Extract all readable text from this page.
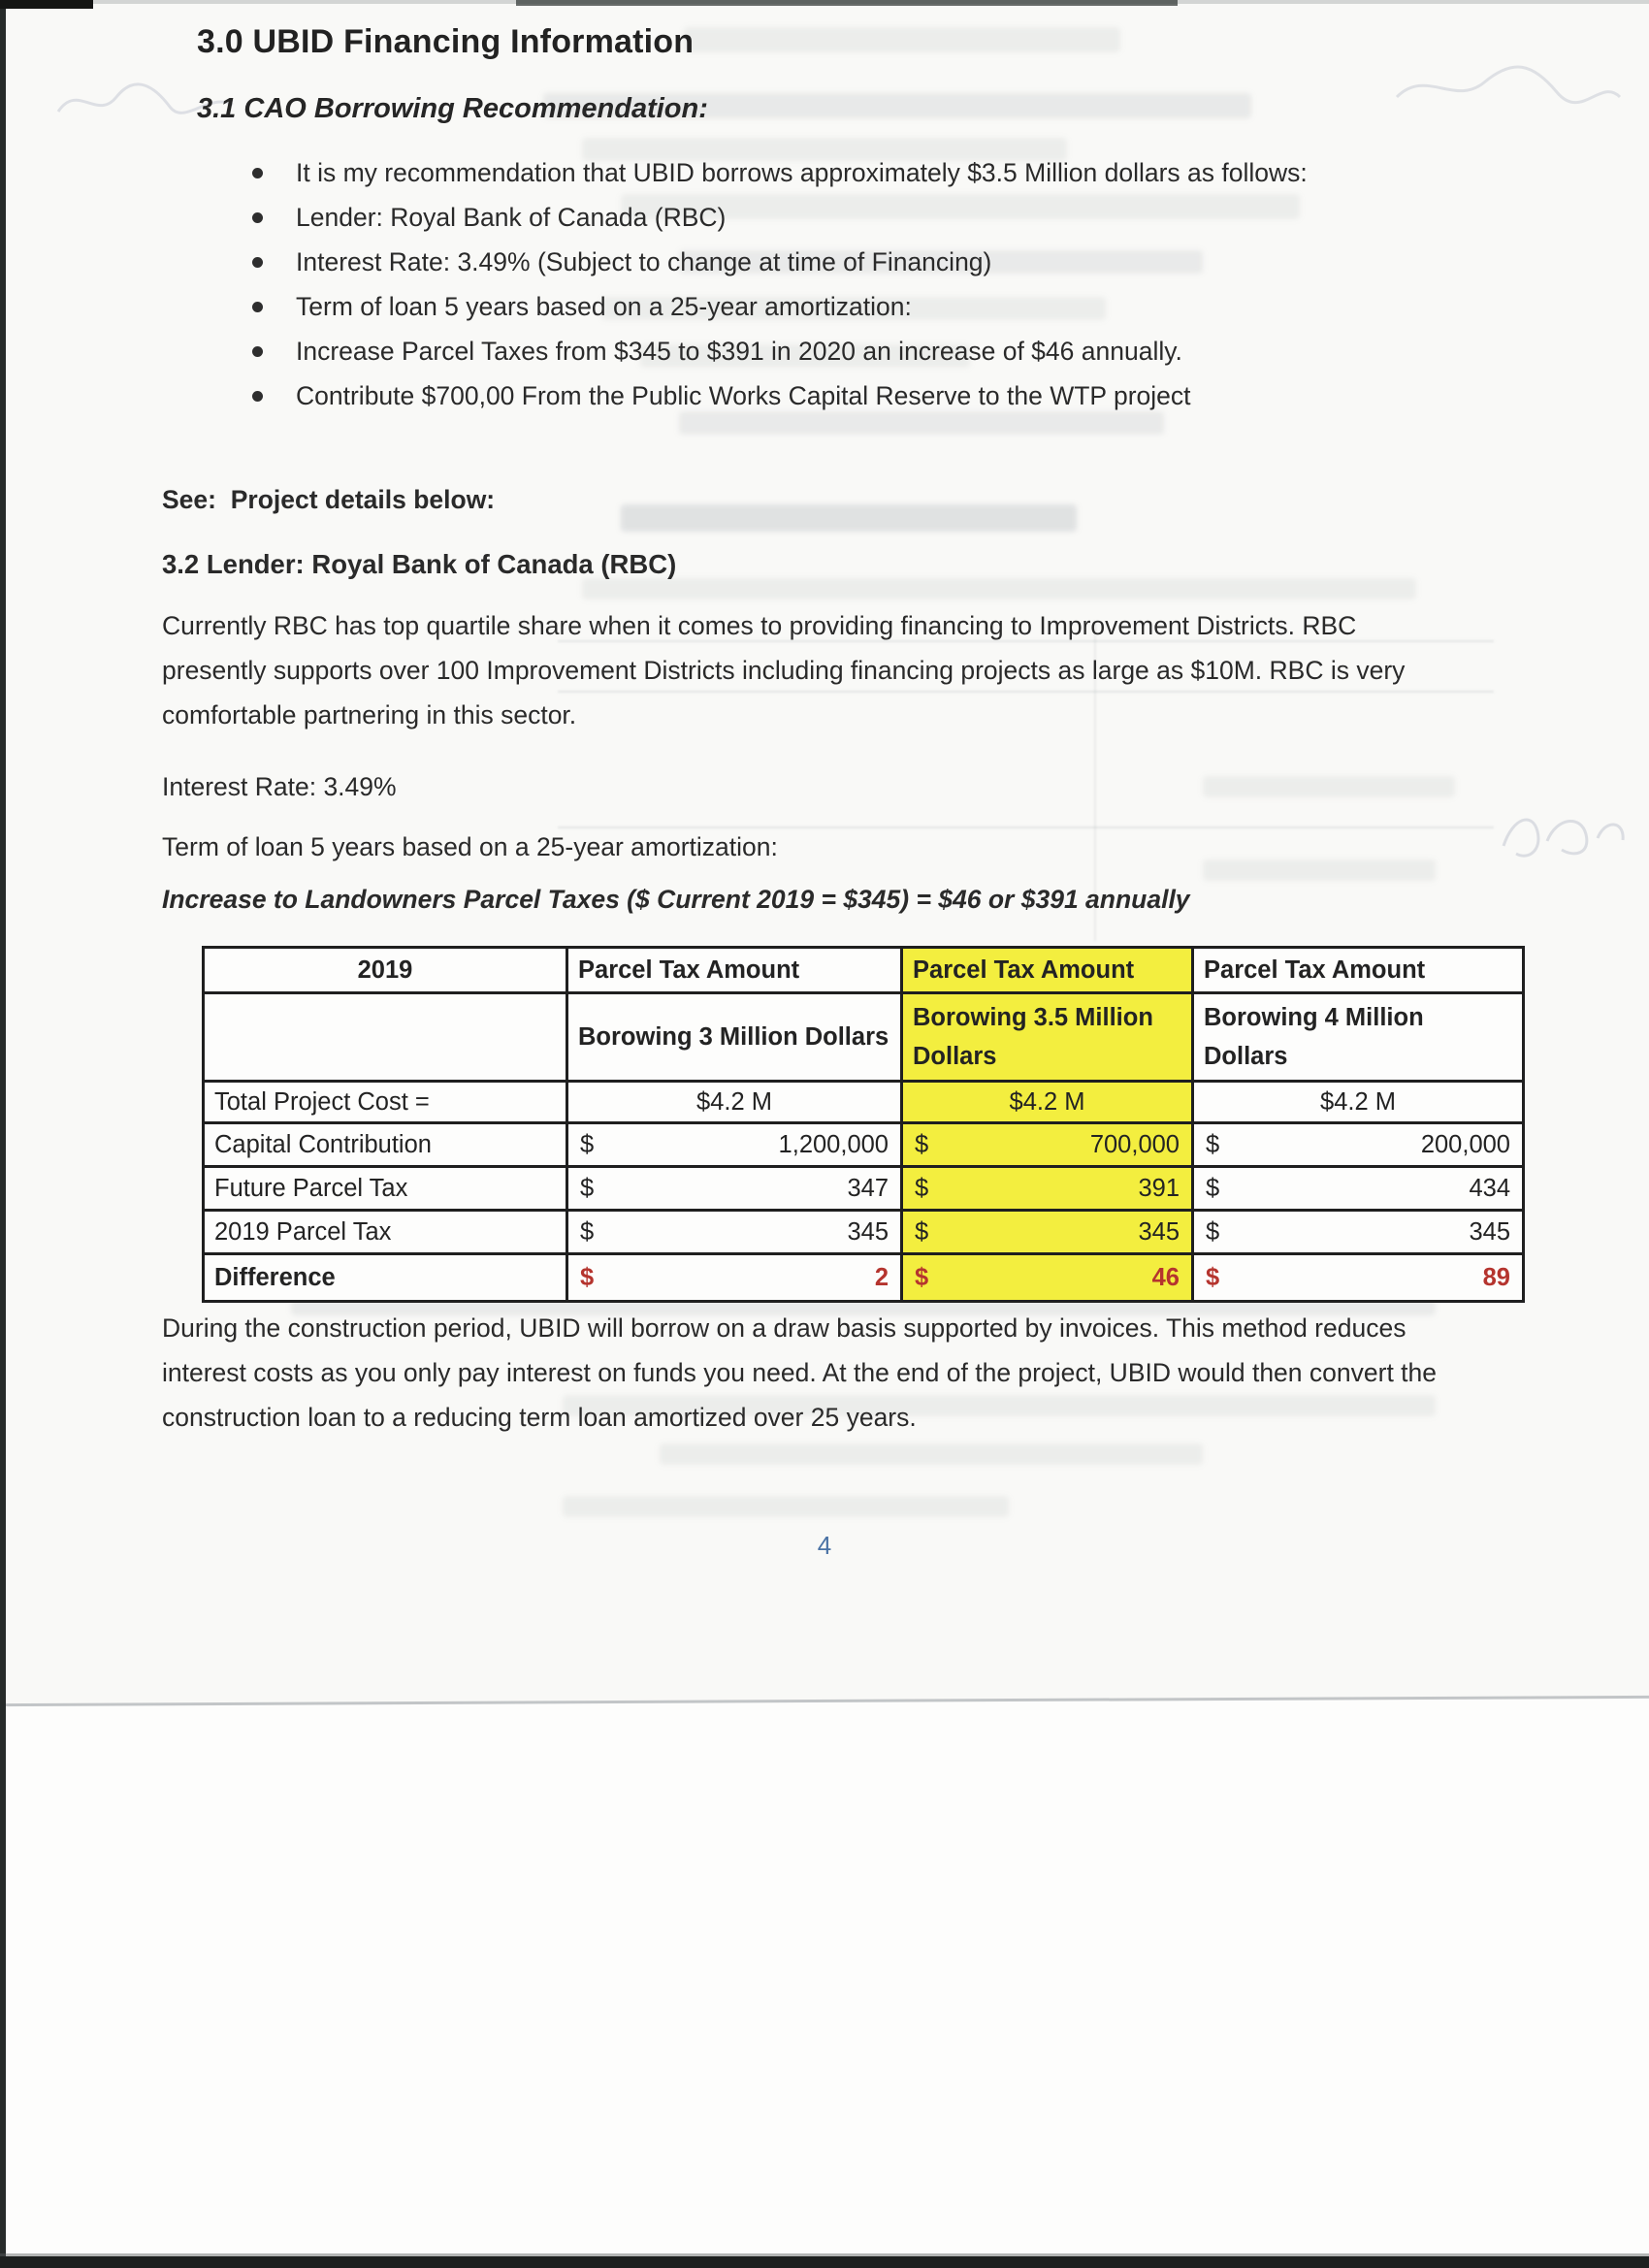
3.0 UBID Financing Information
3.1 CAO Borrowing Recommendation:
It is my recommendation that UBID borrows approximately $3.5 Million dollars as follows:
Lender: Royal Bank of Canada (RBC)
Interest Rate: 3.49% (Subject to change at time of Financing)
Term of loan 5 years based on a 25-year amortization:
Increase Parcel Taxes from $345 to $391 in 2020 an increase of $46 annually.
Contribute $700,00 From the Public Works Capital Reserve to the WTP project
See:  Project details below:
3.2 Lender: Royal Bank of Canada (RBC)
Currently RBC has top quartile share when it comes to providing financing to Improvement Districts. RBC presently supports over 100 Improvement Districts including financing projects as large as $10M. RBC is very comfortable partnering in this sector.
Interest Rate: 3.49%
Term of loan 5 years based on a 25-year amortization:
Increase to Landowners Parcel Taxes ($ Current 2019 = $345) = $46 or $391 annually
2019	Parcel Tax Amount	Parcel Tax Amount	Parcel Tax Amount
	Borowing 3 Million Dollars	Borowing 3.5 Million Dollars	Borowing 4 Million Dollars
Total Project Cost =	$4.2 M	$4.2 M	$4.2 M
Capital Contribution	$ 1,200,000	$ 700,000	$ 200,000

Future Parcel Tax	$ 347	$ 391	$ 434

2019 Parcel Tax	$ 345	$ 345	$ 345

Difference	$ 2	$ 46	$ 89
During the construction period, UBID will borrow on a draw basis supported by invoices. This method reduces interest costs as you only pay interest on funds you need. At the end of the project, UBID would then convert the construction loan to a reducing term loan amortized over 25 years.
4
